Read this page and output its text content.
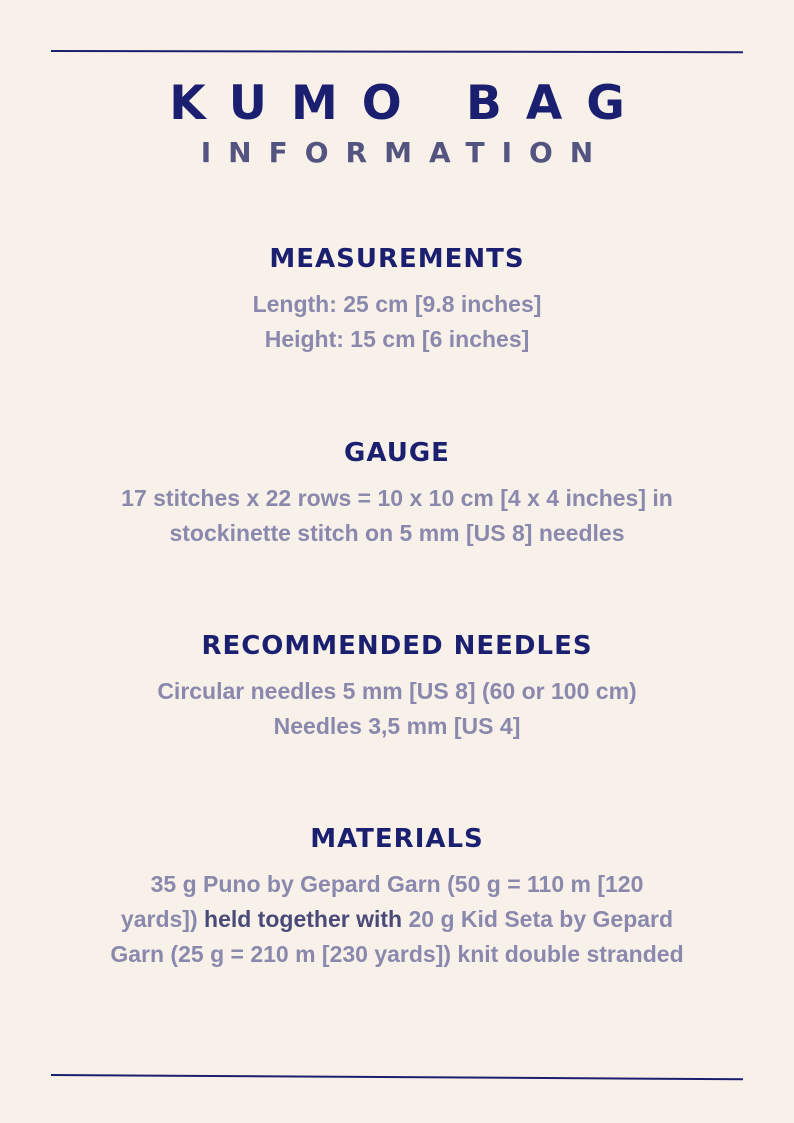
KUMO BAG
INFORMATION
MEASUREMENTS
Length: 25 cm [9.8 inches]
Height: 15 cm [6 inches]
GAUGE
17 stitches x 22 rows = 10 x 10 cm [4 x 4 inches] in
stockinette stitch on 5 mm [US 8] needles
RECOMMENDED NEEDLES
Circular needles 5 mm [US 8] (60 or 100 cm)
Needles 3,5 mm [US 4]
MATERIALS
35 g Puno by Gepard Garn (50 g = 110 m [120
yards]) held together with 20 g Kid Seta by Gepard
Garn (25 g = 210 m [230 yards]) knit double stranded
